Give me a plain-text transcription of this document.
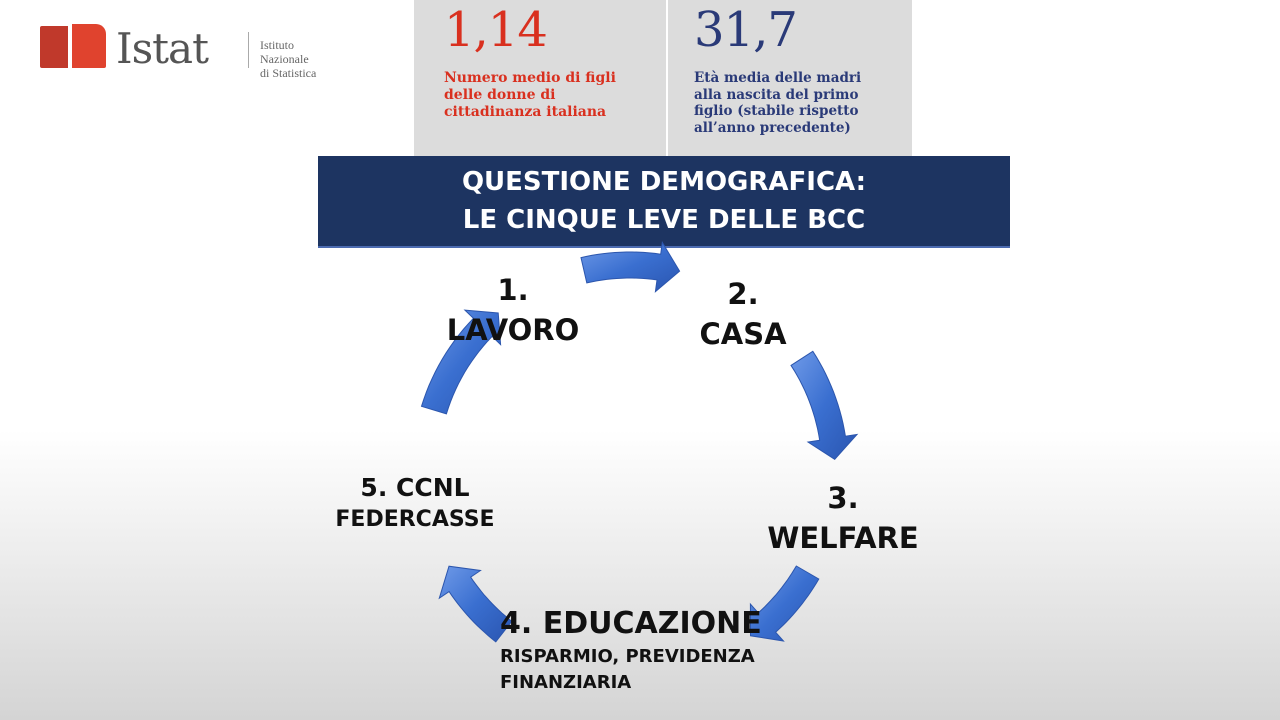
Istat	Istituto Nazionale
di Statistica
1,14
Numero medio di figli
delle donne di
cittadinanza italiana
31,7
Età media delle madri
alla nascita del primo
figlio (stabile rispetto
all’anno precedente)
QUESTIONE DEMOGRAFICA:
LE CINQUE LEVE DELLE BCC
1.
LAVORO
2.
CASA
3.
WELFARE
4. EDUCAZIONE
RISPARMIO, PREVIDENZA
FINANZIARIA
5. CCNL
FEDERCASSE
